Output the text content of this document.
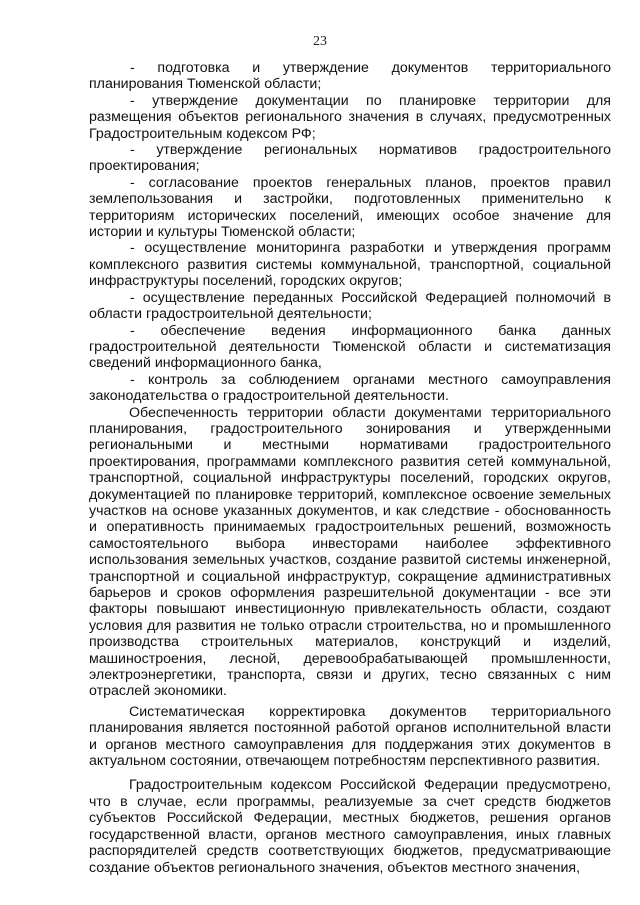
23

- подготовка и утверждение документов территориального планирования Тюменской области;

- утверждение документации по планировке территории для размещения объектов регионального значения в случаях, предусмотренных Градостроительным кодексом РФ;

- утверждение региональных нормативов градостроительного проектирования;

- согласование проектов генеральных планов, проектов правил землепользования и застройки, подготовленных применительно к территориям исторических поселений, имеющих особое значение для истории и культуры Тюменской области;

- осуществление мониторинга разработки и утверждения программ комплексного развития системы коммунальной, транспортной, социальной инфраструктуры поселений, городских округов;

- осуществление переданных Российской Федерацией полномочий в области градостроительной деятельности;

- обеспечение ведения информационного банка данных градостроительной деятельности Тюменской области и систематизация сведений информационного банка,

- контроль за соблюдением органами местного самоуправления законодательства о градостроительной деятельности.

Обеспеченность территории области документами территориального планирования, градостроительного зонирования и утвержденными региональными и местными нормативами градостроительного проектирования, программами комплексного развития сетей коммунальной, транспортной, социальной инфраструктуры поселений, городских округов, документацией по планировке территорий, комплексное освоение земельных участков на основе указанных документов, и как следствие - обоснованность и оперативность принимаемых градостроительных решений, возможность самостоятельного выбора инвесторами наиболее эффективного использования земельных участков, создание развитой системы инженерной, транспортной и социальной инфраструктур, сокращение административных барьеров и сроков оформления разрешительной документации - все эти факторы повышают инвестиционную привлекательность области, создают условия для развития не только отрасли строительства, но и промышленного производства строительных материалов, конструкций и изделий, машиностроения, лесной, деревообрабатывающей промышленности, электроэнергетики, транспорта, связи и других, тесно связанных с ним отраслей экономики.

Систематическая корректировка документов территориального планирования является постоянной работой органов исполнительной власти и органов местного самоуправления для поддержания этих документов в актуальном состоянии, отвечающем потребностям перспективного развития.

Градостроительным кодексом Российской Федерации предусмотрено, что в случае, если программы, реализуемые за счет средств бюджетов субъектов Российской Федерации, местных бюджетов, решения органов государственной власти, органов местного самоуправления, иных главных распорядителей средств соответствующих бюджетов, предусматривающие создание объектов регионального значения, объектов местного значения,
